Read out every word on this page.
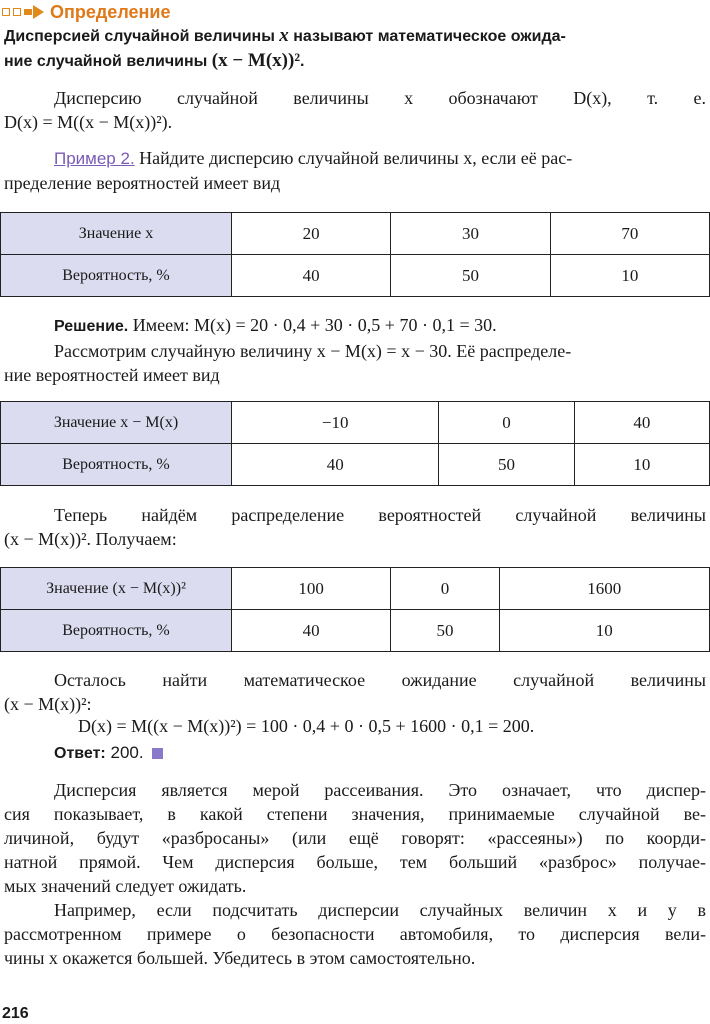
Определение
Дисперсией случайной величины x называют математическое ожида-
ние случайной величины (x − M(x))².
Дисперсию случайной величины x обозначают D(x), т. е.
D(x) = M((x − M(x))²).
Пример 2. Найдите дисперсию случайной величины x, если её рас-
пределение вероятностей имеет вид
Значение x	20	30	70
Вероятность, %	40	50	10
Решение. Имеем: M(x) = 20 · 0,4 + 30 · 0,5 + 70 · 0,1 = 30.
Рассмотрим случайную величину x − M(x) = x − 30. Её распределе-
ние вероятностей имеет вид
Значение x − M(x)	−10	0	40
Вероятность, %	40	50	10
Теперь найдём распределение вероятностей случайной величины
(x − M(x))². Получаем:
Значение (x − M(x))²	100	0	1600
Вероятность, %	40	50	10
Осталось найти математическое ожидание случайной величины
(x − M(x))²:
D(x) = M((x − M(x))²) = 100 · 0,4 + 0 · 0,5 + 1600 · 0,1 = 200.
Ответ: 200.
Дисперсия является мерой рассеивания. Это означает, что диспер-
сия показывает, в какой степени значения, принимаемые случайной ве-
личиной, будут «разбросаны» (или ещё говорят: «рассеяны») по коорди-
натной прямой. Чем дисперсия больше, тем больший «разброс» получае-
мых значений следует ожидать.
Например, если подсчитать дисперсии случайных величин x и y в
рассмотренном примере о безопасности автомобиля, то дисперсия вели-
чины x окажется большей. Убедитесь в этом самостоятельно.
216
